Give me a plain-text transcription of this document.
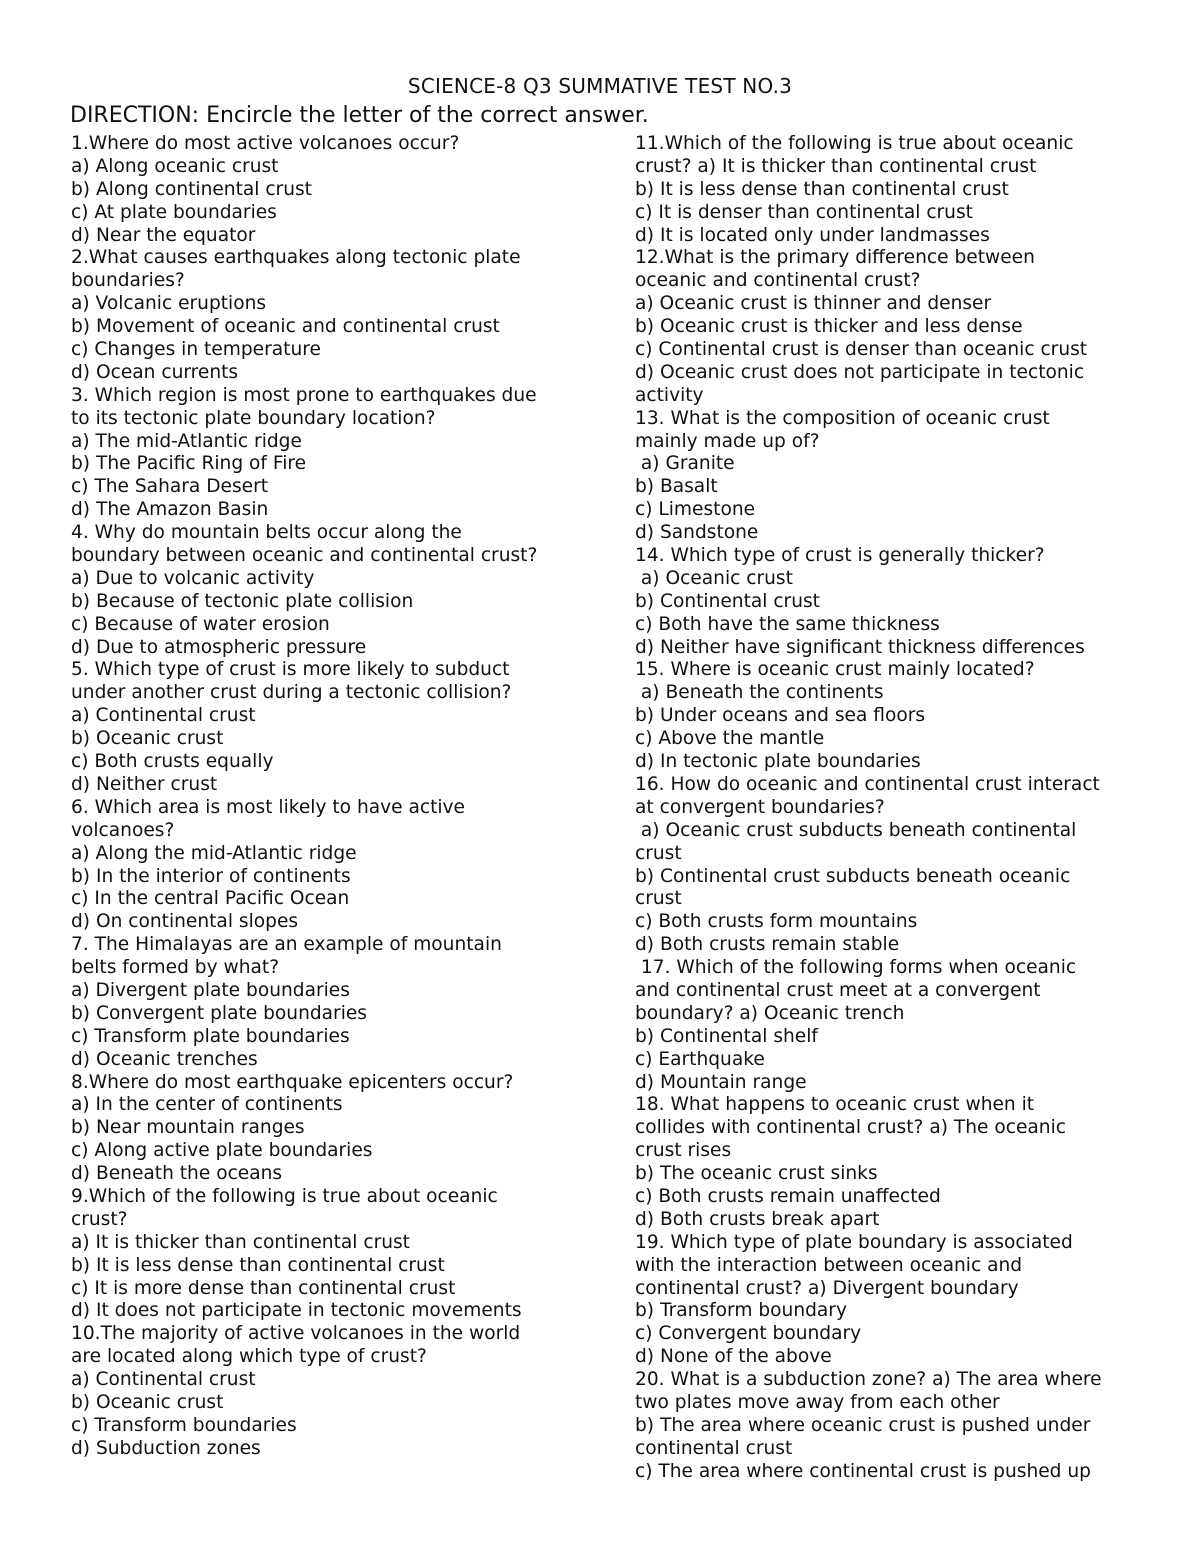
SCIENCE-8 Q3 SUMMATIVE TEST NO.3
DIRECTION: Encircle the letter of the correct answer.
1.Where do most active volcanoes occur?
a) Along oceanic crust
b) Along continental crust
c) At plate boundaries
d) Near the equator
2.What causes earthquakes along tectonic plate
boundaries?
a) Volcanic eruptions
b) Movement of oceanic and continental crust
c) Changes in temperature
d) Ocean currents
3. Which region is most prone to earthquakes due
to its tectonic plate boundary location?
a) The mid-Atlantic ridge
b) The Pacific Ring of Fire
c) The Sahara Desert
d) The Amazon Basin
4. Why do mountain belts occur along the
boundary between oceanic and continental crust?
a) Due to volcanic activity
b) Because of tectonic plate collision
c) Because of water erosion
d) Due to atmospheric pressure
5. Which type of crust is more likely to subduct
under another crust during a tectonic collision?
a) Continental crust
b) Oceanic crust
c) Both crusts equally
d) Neither crust
6. Which area is most likely to have active
volcanoes?
a) Along the mid-Atlantic ridge
b) In the interior of continents
c) In the central Pacific Ocean
d) On continental slopes
7. The Himalayas are an example of mountain
belts formed by what?
a) Divergent plate boundaries
b) Convergent plate boundaries
c) Transform plate boundaries
d) Oceanic trenches
8.Where do most earthquake epicenters occur?
a) In the center of continents
b) Near mountain ranges
c) Along active plate boundaries
d) Beneath the oceans
9.Which of the following is true about oceanic
crust?
a) It is thicker than continental crust
b) It is less dense than continental crust
c) It is more dense than continental crust
d) It does not participate in tectonic movements
10.The majority of active volcanoes in the world
are located along which type of crust?
a) Continental crust
b) Oceanic crust
c) Transform boundaries
d) Subduction zones
11.Which of the following is true about oceanic
crust? a) It is thicker than continental crust
b) It is less dense than continental crust
c) It is denser than continental crust
d) It is located only under landmasses
12.What is the primary difference between
oceanic and continental crust?
a) Oceanic crust is thinner and denser
b) Oceanic crust is thicker and less dense
c) Continental crust is denser than oceanic crust
d) Oceanic crust does not participate in tectonic
activity
13. What is the composition of oceanic crust
mainly made up of?
a) Granite
b) Basalt
c) Limestone
d) Sandstone
14. Which type of crust is generally thicker?
a) Oceanic crust
b) Continental crust
c) Both have the same thickness
d) Neither have significant thickness differences
15. Where is oceanic crust mainly located?
a) Beneath the continents
b) Under oceans and sea floors
c) Above the mantle
d) In tectonic plate boundaries
16. How do oceanic and continental crust interact
at convergent boundaries?
a) Oceanic crust subducts beneath continental
crust
b) Continental crust subducts beneath oceanic
crust
c) Both crusts form mountains
d) Both crusts remain stable
17. Which of the following forms when oceanic
and continental crust meet at a convergent
boundary? a) Oceanic trench
b) Continental shelf
c) Earthquake
d) Mountain range
18. What happens to oceanic crust when it
collides with continental crust? a) The oceanic
crust rises
b) The oceanic crust sinks
c) Both crusts remain unaffected
d) Both crusts break apart
19. Which type of plate boundary is associated
with the interaction between oceanic and
continental crust? a) Divergent boundary
b) Transform boundary
c) Convergent boundary
d) None of the above
20. What is a subduction zone? a) The area where
two plates move away from each other
b) The area where oceanic crust is pushed under
continental crust
c) The area where continental crust is pushed up
